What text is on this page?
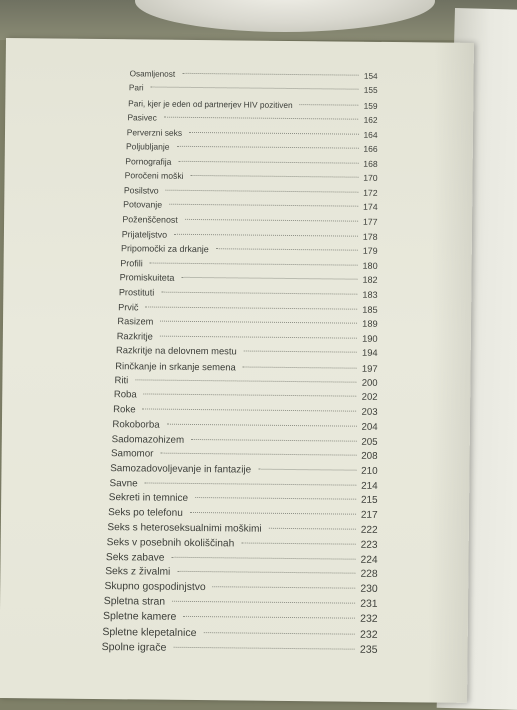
Osamljenost	154
Pari	155
Pari, kjer je eden od partnerjev HIV pozitiven	159
Pasivec	162
Perverzni seks	164
Poljubljanje	166
Pornografija	168
Poročeni moški	170
Posilstvo	172
Potovanje	174
Poženščenost	177
Prijateljstvo	178
Pripomočki za drkanje	179
Profili	180
Promiskuiteta	182
Prostituti	183
Prvič	185
Rasizem	189
Razkritje	190
Razkritje na delovnem mestu	194
Rinčkanje in srkanje semena	197
Riti	200
Roba	202
Roke	203
Rokoborba	204
Sadomazohizem	205
Samomor	208
Samozadovoljevanje in fantazije	210
Savne	214
Sekreti in temnice	215
Seks po telefonu	217
Seks s heteroseksualnimi moškimi	222
Seks v posebnih okoliščinah	223
Seks zabave	224
Seks z živalmi	228
Skupno gospodinjstvo	230
Spletna stran	231
Spletne kamere	232
Spletne klepetalnice	232
Spolne igrače	235
